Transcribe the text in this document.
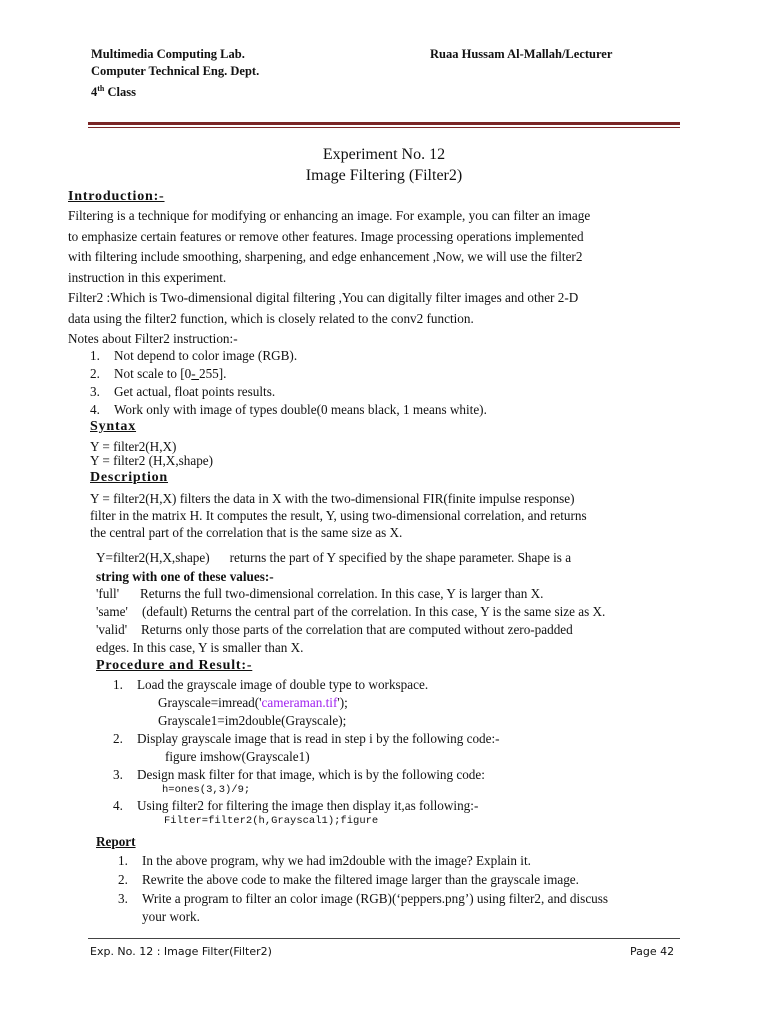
Multimedia Computing Lab.
Computer Technical Eng. Dept.
4th Class
Ruaa Hussam Al-Mallah/Lecturer
Experiment No. 12
Image Filtering (Filter2)
Introduction:-
Filtering is a technique for modifying or enhancing an image. For example, you can filter an image
to emphasize certain features or remove other features. Image processing operations implemented
with filtering include smoothing, sharpening, and edge enhancement ,Now, we will use the filter2
instruction in this experiment.
Filter2 :Which is Two-dimensional digital filtering ,You can digitally filter images and other 2-D
data using the filter2 function, which is closely related to the conv2 function.
Notes about Filter2 instruction:-
1. Not depend to color image (RGB).
2. Not scale to [0- 255].
3. Get actual, float points results.
4. Work only with image of types double(0 means black, 1 means white).
Syntax
Y = filter2(H,X)
Y = filter2 (H,X,shape)
Description
Y = filter2(H,X) filters the data in X with the two-dimensional FIR(finite impulse response)
filter in the matrix H. It computes the result, Y, using two-dimensional correlation, and returns
the central part of the correlation that is the same size as X.
Y=filter2(H,X,shape) returns the part of Y specified by the shape parameter. Shape is a
string with one of these values:-
'full' Returns the full two-dimensional correlation. In this case, Y is larger than X.
'same' (default) Returns the central part of the correlation. In this case, Y is the same size as X.
'valid' Returns only those parts of the correlation that are computed without zero-padded
edges. In this case, Y is smaller than X.
Procedure and Result:-
1. Load the grayscale image of double type to workspace.
Grayscale=imread('cameraman.tif');
Grayscale1=im2double(Grayscale);
2. Display grayscale image that is read in step i by the following code:-
figure imshow(Grayscale1)
3. Design mask filter for that image, which is by the following code:
h=ones(3,3)/9;
4. Using filter2 for filtering the image then display it,as following:-
Filter=filter2(h,Grayscal1);figure
Report
1. In the above program, why we had im2double with the image? Explain it.
2. Rewrite the above code to make the filtered image larger than the grayscale image.
3. Write a program to filter an color image (RGB)(‘peppers.png’) using filter2, and discuss
your work.
Exp. No. 12 : Image Filter(Filter2)	Page 42
